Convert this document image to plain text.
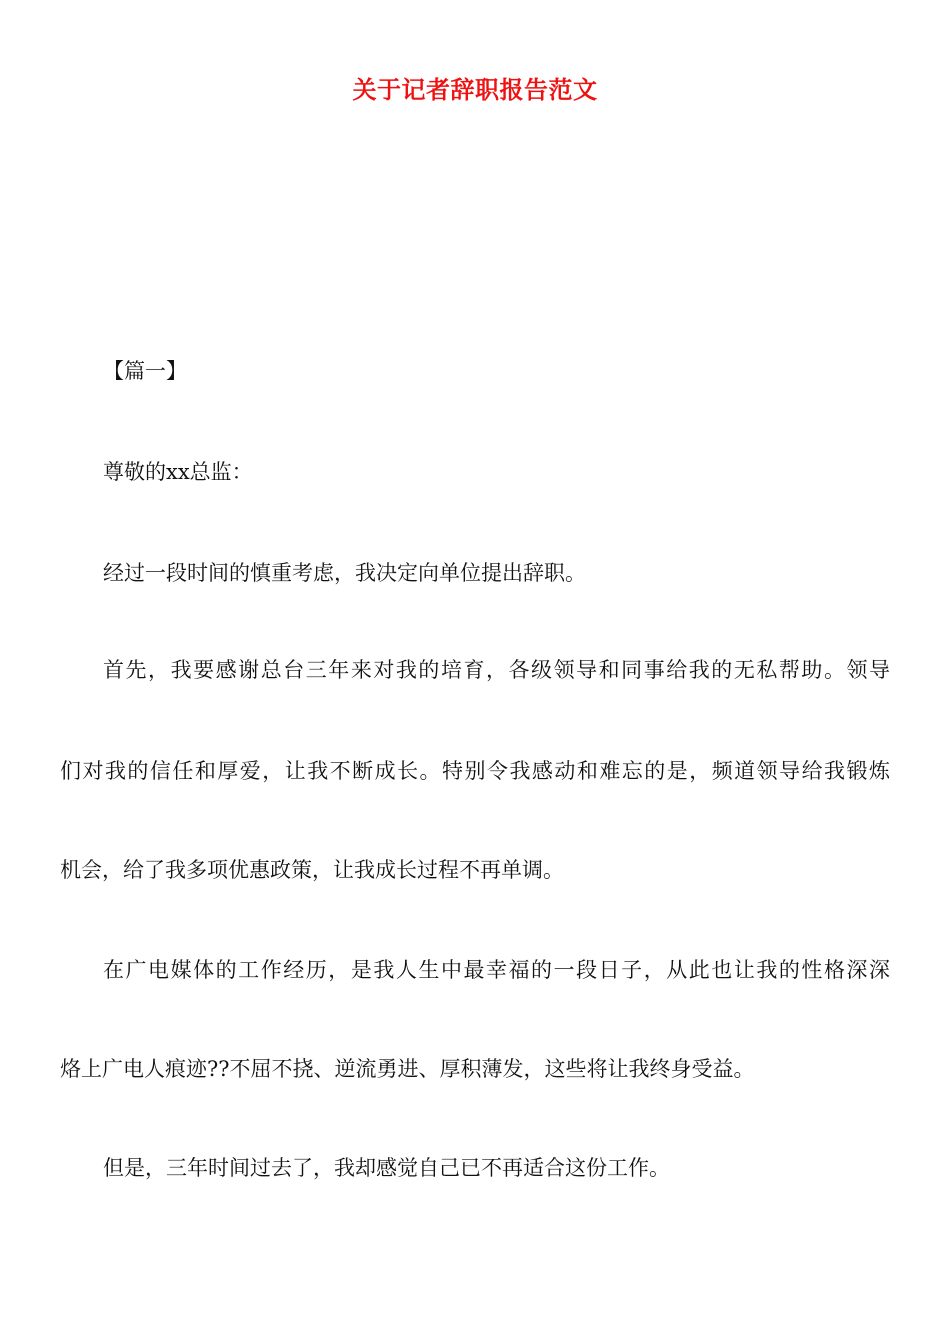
关于记者辞职报告范文
【篇一】
尊敬的xx总监：
经过一段时间的慎重考虑，我决定向单位提出辞职。
首先，我要感谢总台三年来对我的培育，各级领导和同事给我的无私帮助。领导
们对我的信任和厚爱，让我不断成长。特别令我感动和难忘的是，频道领导给我锻炼
机会，给了我多项优惠政策，让我成长过程不再单调。
在广电媒体的工作经历，是我人生中最幸福的一段日子，从此也让我的性格深深
烙上广电人痕迹??不屈不挠、逆流勇进、厚积薄发，这些将让我终身受益。
但是，三年时间过去了，我却感觉自己已不再适合这份工作。
